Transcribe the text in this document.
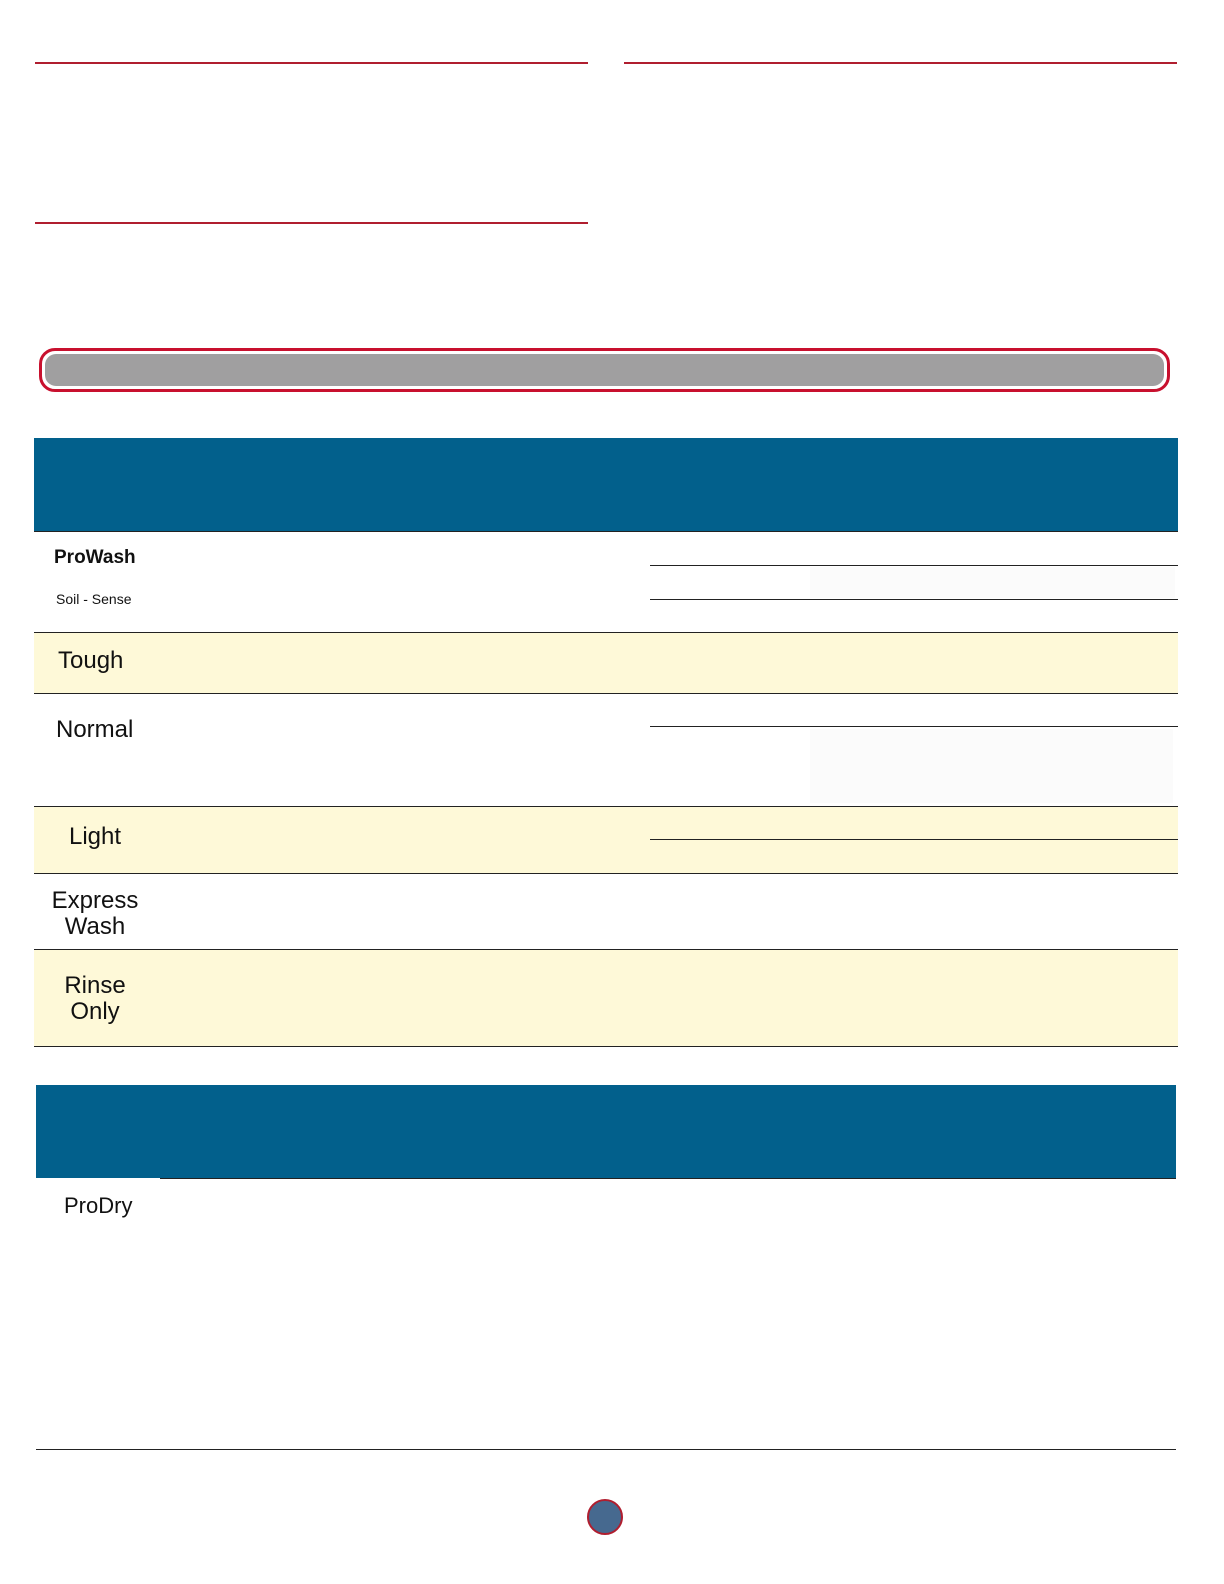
ProWash
Soil - Sense
Tough
Normal
Light
Express
Wash
Rinse
Only
ProDry
